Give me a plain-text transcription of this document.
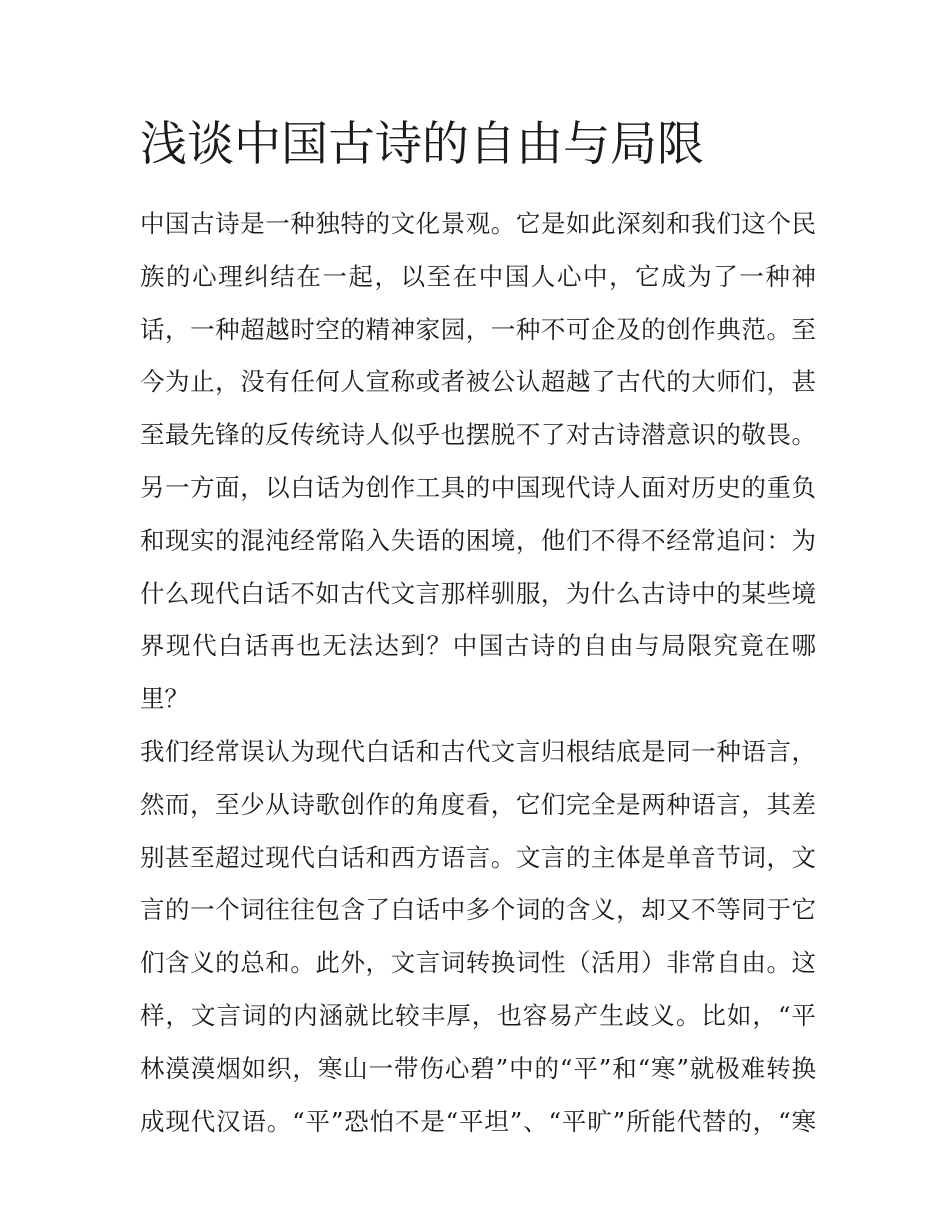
浅谈中国古诗的自由与局限
中国古诗是一种独特的文化景观。它是如此深刻和我们这个民
族的心理纠结在一起，以至在中国人心中，它成为了一种神
话，一种超越时空的精神家园，一种不可企及的创作典范。至
今为止，没有任何人宣称或者被公认超越了古代的大师们，甚
至最先锋的反传统诗人似乎也摆脱不了对古诗潜意识的敬畏。
另一方面，以白话为创作工具的中国现代诗人面对历史的重负
和现实的混沌经常陷入失语的困境，他们不得不经常追问：为
什么现代白话不如古代文言那样驯服，为什么古诗中的某些境
界现代白话再也无法达到？中国古诗的自由与局限究竟在哪
里？
我们经常误认为现代白话和古代文言归根结底是同一种语言，
然而，至少从诗歌创作的角度看，它们完全是两种语言，其差
别甚至超过现代白话和西方语言。文言的主体是单音节词，文
言的一个词往往包含了白话中多个词的含义，却又不等同于它
们含义的总和。此外，文言词转换词性（活用）非常自由。这
样，文言词的内涵就比较丰厚，也容易产生歧义。比如，“平
林漠漠烟如织，寒山一带伤心碧”中的“平”和“寒”就极难转换
成现代汉语。“平”恐怕不是“平坦”、“平旷”所能代替的，“寒
